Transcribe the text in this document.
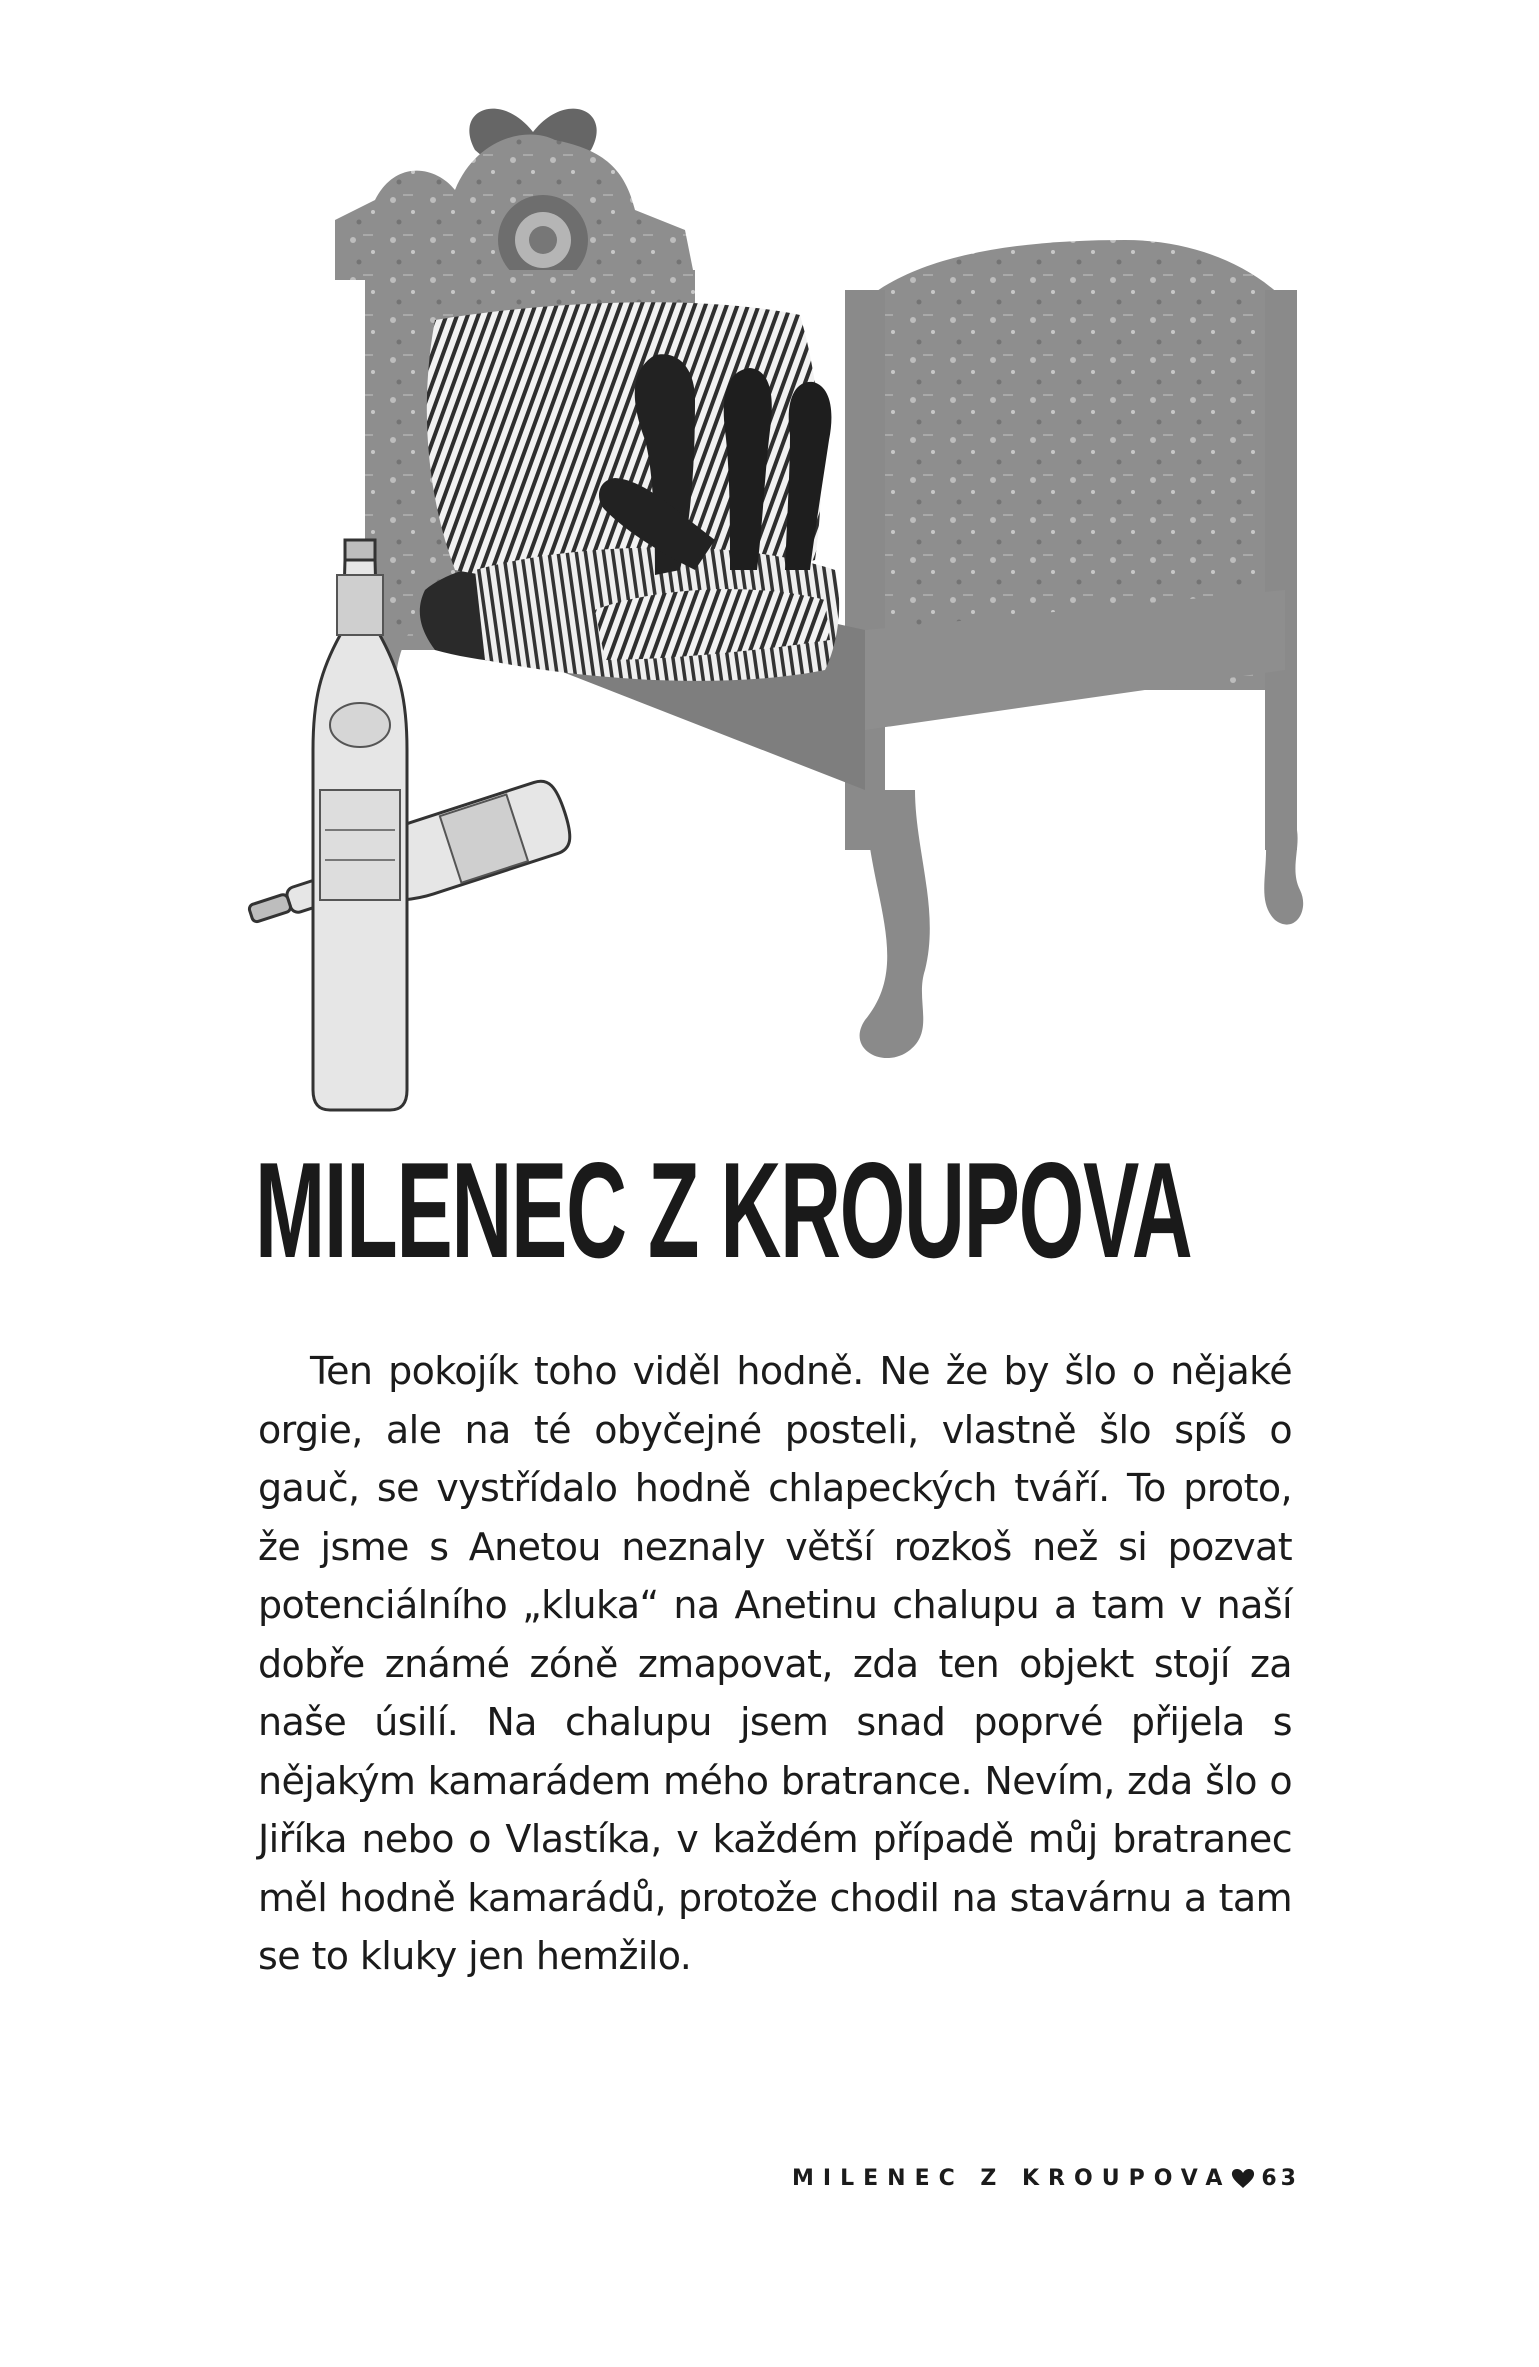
MILENEC Z KROUPOVA

Ten pokojík toho viděl hodně. Ne že by šlo o nějaké orgie, ale na té obyčejné posteli, vlastně šlo spíš o gauč, se vystřídalo hodně chlapeckých tváří. To proto, že jsme s Anetou neznaly větší rozkoš než si pozvat potenciálního „kluka“ na Anetinu chalupu a tam v naší dobře známé zóně zmapovat, zda ten objekt stojí za naše úsilí. Na chalupu jsem snad poprvé přijela s nějakým kamarádem mého bratrance. Nevím, zda šlo o Jiříka nebo o Vlastíka, v každém případě můj bratranec měl hodně kamarádů, protože chodil na stavárnu a tam se to kluky jen hemžilo.

MILENEC Z KROUPOVA 63
